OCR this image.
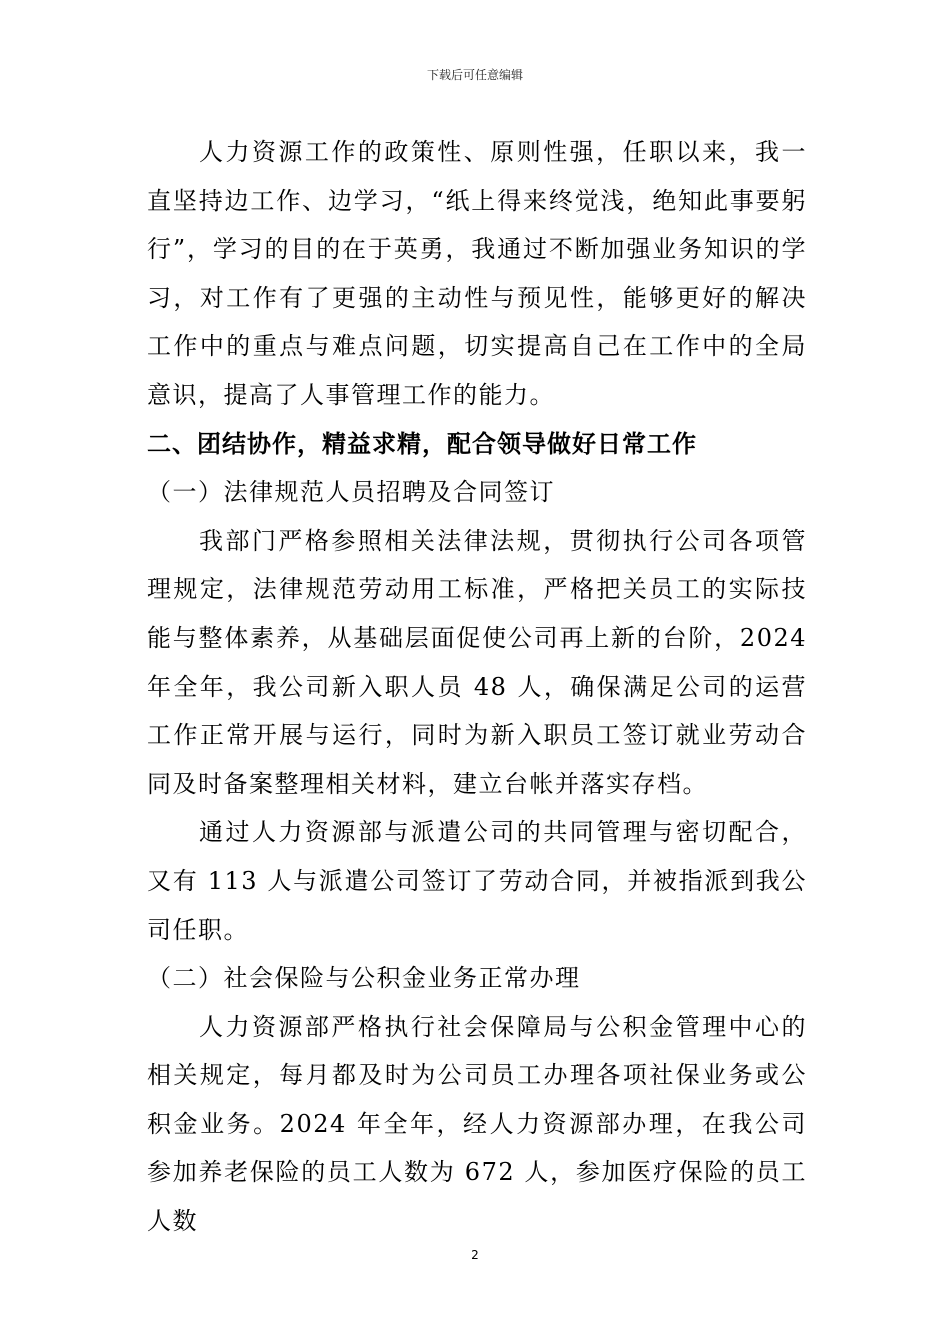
下载后可任意编辑

人力资源工作的政策性、原则性强，任职以来，我一直坚持边工作、边学习，“纸上得来终觉浅，绝知此事要躬行”，学习的目的在于英勇，我通过不断加强业务知识的学习，对工作有了更强的主动性与预见性，能够更好的解决工作中的重点与难点问题，切实提高自己在工作中的全局意识，提高了人事管理工作的能力。

二、团结协作，精益求精，配合领导做好日常工作

（一）法律规范人员招聘及合同签订

我部门严格参照相关法律法规，贯彻执行公司各项管理规定，法律规范劳动用工标准，严格把关员工的实际技能与整体素养，从基础层面促使公司再上新的台阶，2024年全年，我公司新入职人员 48 人，确保满足公司的运营工作正常开展与运行，同时为新入职员工签订就业劳动合同及时备案整理相关材料，建立台帐并落实存档。

通过人力资源部与派遣公司的共同管理与密切配合，又有 113 人与派遣公司签订了劳动合同，并被指派到我公司任职。

（二）社会保险与公积金业务正常办理

人力资源部严格执行社会保障局与公积金管理中心的相关规定，每月都及时为公司员工办理各项社保业务或公积金业务。2024 年全年，经人力资源部办理，在我公司参加养老保险的员工人数为 672 人，参加医疗保险的员工人数

2
